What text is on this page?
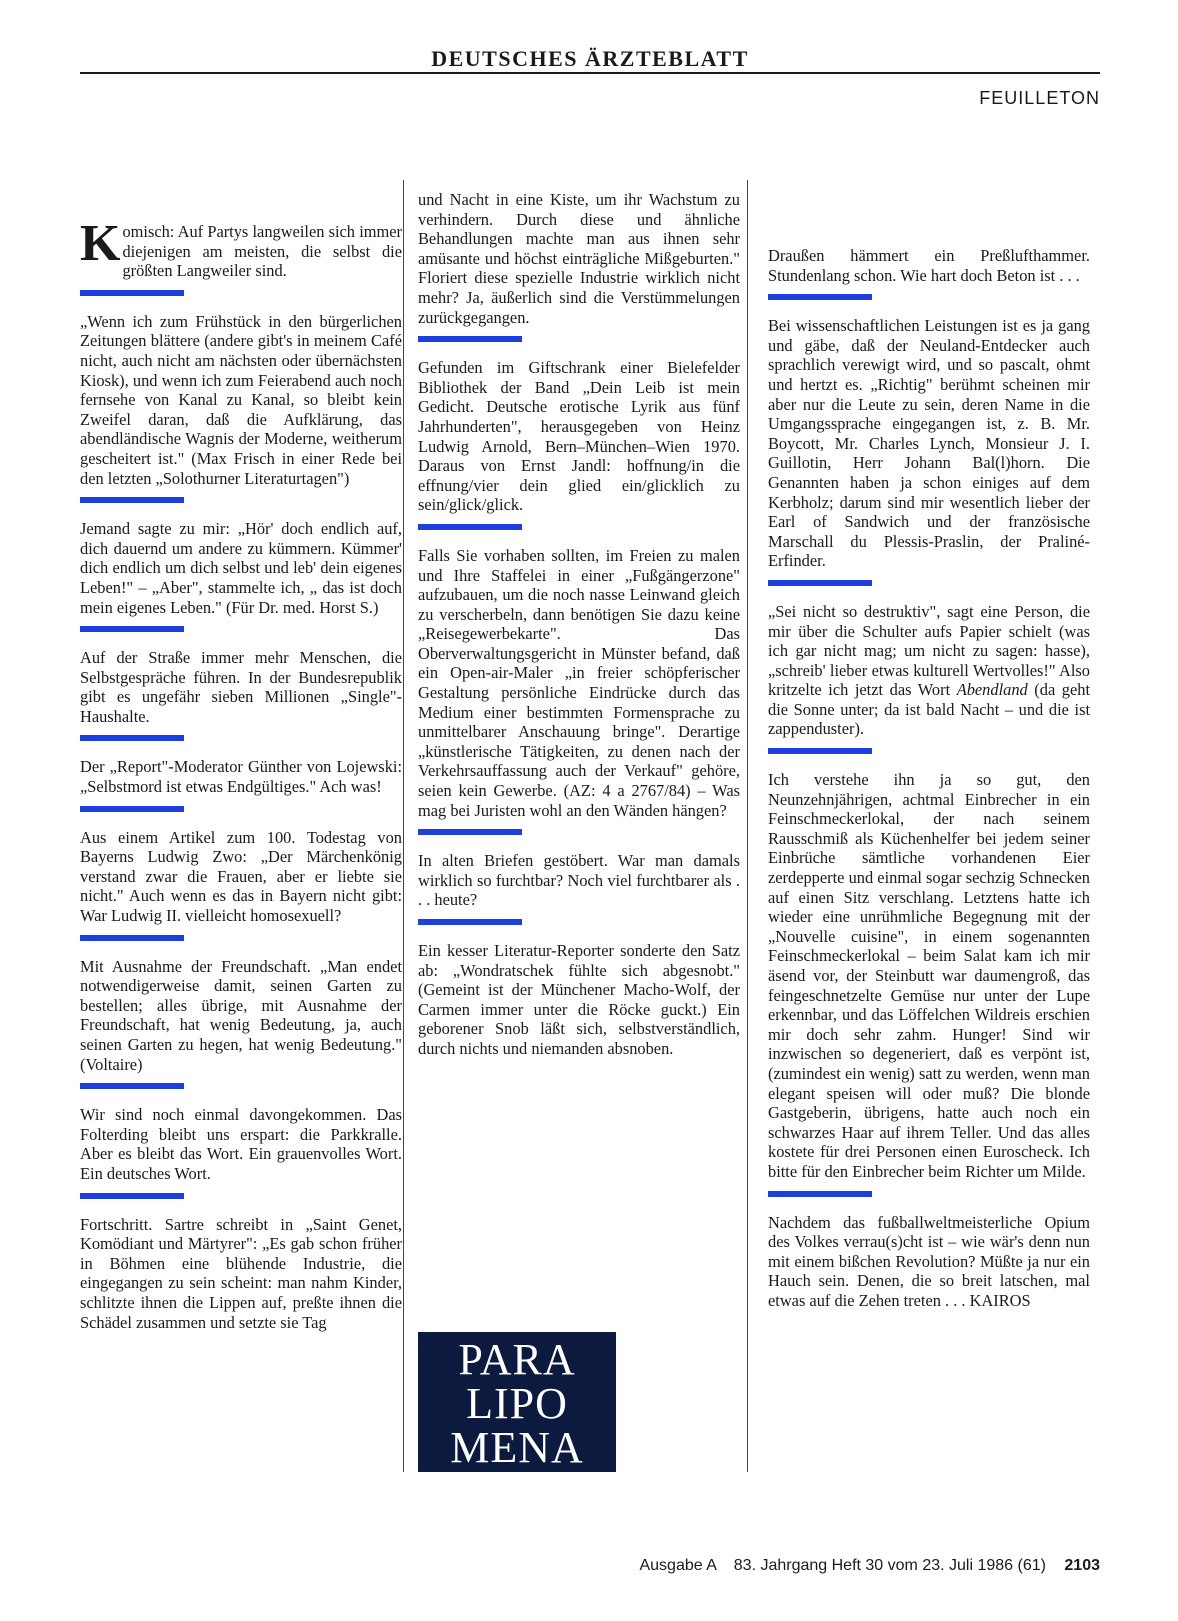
DEUTSCHES ÄRZTEBLATT
FEUILLETON

Komisch: Auf Partys langweilen sich immer diejenigen am meisten, die selbst die größten Langweiler sind.

„Wenn ich zum Frühstück in den bürgerlichen Zeitungen blättere (andere gibt's in meinem Café nicht, auch nicht am nächsten oder übernächsten Kiosk), und wenn ich zum Feierabend auch noch fernsehe von Kanal zu Kanal, so bleibt kein Zweifel daran, daß die Aufklärung, das abendländische Wagnis der Moderne, weitherum gescheitert ist." (Max Frisch in einer Rede bei den letzten „Solothurner Literaturtagen")

Jemand sagte zu mir: „Hör' doch endlich auf, dich dauernd um andere zu kümmern. Kümmer' dich endlich um dich selbst und leb' dein eigenes Leben!" – „Aber", stammelte ich, „ das ist doch mein eigenes Leben." (Für Dr. med. Horst S.)

Auf der Straße immer mehr Menschen, die Selbstgespräche führen. In der Bundesrepublik gibt es ungefähr sieben Millionen „Single"-Haushalte.

Der „Report"-Moderator Günther von Lojewski: „Selbstmord ist etwas Endgültiges." Ach was!

Aus einem Artikel zum 100. Todestag von Bayerns Ludwig Zwo: „Der Märchenkönig verstand zwar die Frauen, aber er liebte sie nicht." Auch wenn es das in Bayern nicht gibt: War Ludwig II. vielleicht homosexuell?

Mit Ausnahme der Freundschaft. „Man endet notwendigerweise damit, seinen Garten zu bestellen; alles übrige, mit Ausnahme der Freundschaft, hat wenig Bedeutung, ja, auch seinen Garten zu hegen, hat wenig Bedeutung." (Voltaire)

Wir sind noch einmal davongekommen. Das Folterding bleibt uns erspart: die Parkkralle. Aber es bleibt das Wort. Ein grauenvolles Wort. Ein deutsches Wort.

Fortschritt. Sartre schreibt in „Saint Genet, Komödiant und Märtyrer": „Es gab schon früher in Böhmen eine blühende Industrie, die eingegangen zu sein scheint: man nahm Kinder, schlitzte ihnen die Lippen auf, preßte ihnen die Schädel zusammen und setzte sie Tag

und Nacht in eine Kiste, um ihr Wachstum zu verhindern. Durch diese und ähnliche Behandlungen machte man aus ihnen sehr amüsante und höchst einträgliche Mißgeburten." Floriert diese spezielle Industrie wirklich nicht mehr? Ja, äußerlich sind die Verstümmelungen zurückgegangen.

Gefunden im Giftschrank einer Bielefelder Bibliothek der Band „Dein Leib ist mein Gedicht. Deutsche erotische Lyrik aus fünf Jahrhunderten", herausgegeben von Heinz Ludwig Arnold, Bern–München–Wien 1970. Daraus von Ernst Jandl: hoffnung/in die effnung/vier dein glied ein/glicklich zu sein/glick/glick.

Falls Sie vorhaben sollten, im Freien zu malen und Ihre Staffelei in einer „Fußgängerzone" aufzubauen, um die noch nasse Leinwand gleich zu verscherbeln, dann benötigen Sie dazu keine „Reisegewerbekarte". Das Oberverwaltungsgericht in Münster befand, daß ein Open-air-Maler „in freier schöpferischer Gestaltung persönliche Eindrücke durch das Medium einer bestimmten Formensprache zu unmittelbarer Anschauung bringe". Derartige „künstlerische Tätigkeiten, zu denen nach der Verkehrsauffassung auch der Verkauf" gehöre, seien kein Gewerbe. (AZ: 4 a 2767/84) – Was mag bei Juristen wohl an den Wänden hängen?

In alten Briefen gestöbert. War man damals wirklich so furchtbar? Noch viel furchtbarer als . . . heute?

Ein kesser Literatur-Reporter sonderte den Satz ab: „Wondratschek fühlte sich abgesnobt." (Gemeint ist der Münchener Macho-Wolf, der Carmen immer unter die Röcke guckt.) Ein geborener Snob läßt sich, selbstverständlich, durch nichts und niemanden absnoben.

PARA
LIPO
MENA

Draußen hämmert ein Preßlufthammer. Stundenlang schon. Wie hart doch Beton ist . . .

Bei wissenschaftlichen Leistungen ist es ja gang und gäbe, daß der Neuland-Entdecker auch sprachlich verewigt wird, und so pascalt, ohmt und hertzt es. „Richtig" berühmt scheinen mir aber nur die Leute zu sein, deren Name in die Umgangssprache eingegangen ist, z. B. Mr. Boycott, Mr. Charles Lynch, Monsieur J. I. Guillotin, Herr Johann Bal(l)horn. Die Genannten haben ja schon einiges auf dem Kerbholz; darum sind mir wesentlich lieber der Earl of Sandwich und der französische Marschall du Plessis-Praslin, der Praliné-Erfinder.

„Sei nicht so destruktiv", sagt eine Person, die mir über die Schulter aufs Papier schielt (was ich gar nicht mag; um nicht zu sagen: hasse), „schreib' lieber etwas kulturell Wertvolles!" Also kritzelte ich jetzt das Wort Abendland (da geht die Sonne unter; da ist bald Nacht – und die ist zappenduster).

Ich verstehe ihn ja so gut, den Neunzehnjährigen, achtmal Einbrecher in ein Feinschmeckerlokal, der nach seinem Rausschmiß als Küchenhelfer bei jedem seiner Einbrüche sämtliche vorhandenen Eier zerdepperte und einmal sogar sechzig Schnecken auf einen Sitz verschlang. Letztens hatte ich wieder eine unrühmliche Begegnung mit der „Nouvelle cuisine", in einem sogenannten Feinschmeckerlokal – beim Salat kam ich mir äsend vor, der Steinbutt war daumengroß, das feingeschnetzelte Gemüse nur unter der Lupe erkennbar, und das Löffelchen Wildreis erschien mir doch sehr zahm. Hunger! Sind wir inzwischen so degeneriert, daß es verpönt ist, (zumindest ein wenig) satt zu werden, wenn man elegant speisen will oder muß? Die blonde Gastgeberin, übrigens, hatte auch noch ein schwarzes Haar auf ihrem Teller. Und das alles kostete für drei Personen einen Euroscheck. Ich bitte für den Einbrecher beim Richter um Milde.

Nachdem das fußballweltmeisterliche Opium des Volkes verrau(s)cht ist – wie wär's denn nun mit einem bißchen Revolution? Müßte ja nur ein Hauch sein. Denen, die so breit latschen, mal etwas auf die Zehen treten . . . KAIROS

Ausgabe A 83. Jahrgang Heft 30 vom 23. Juli 1986 (61) 2103
